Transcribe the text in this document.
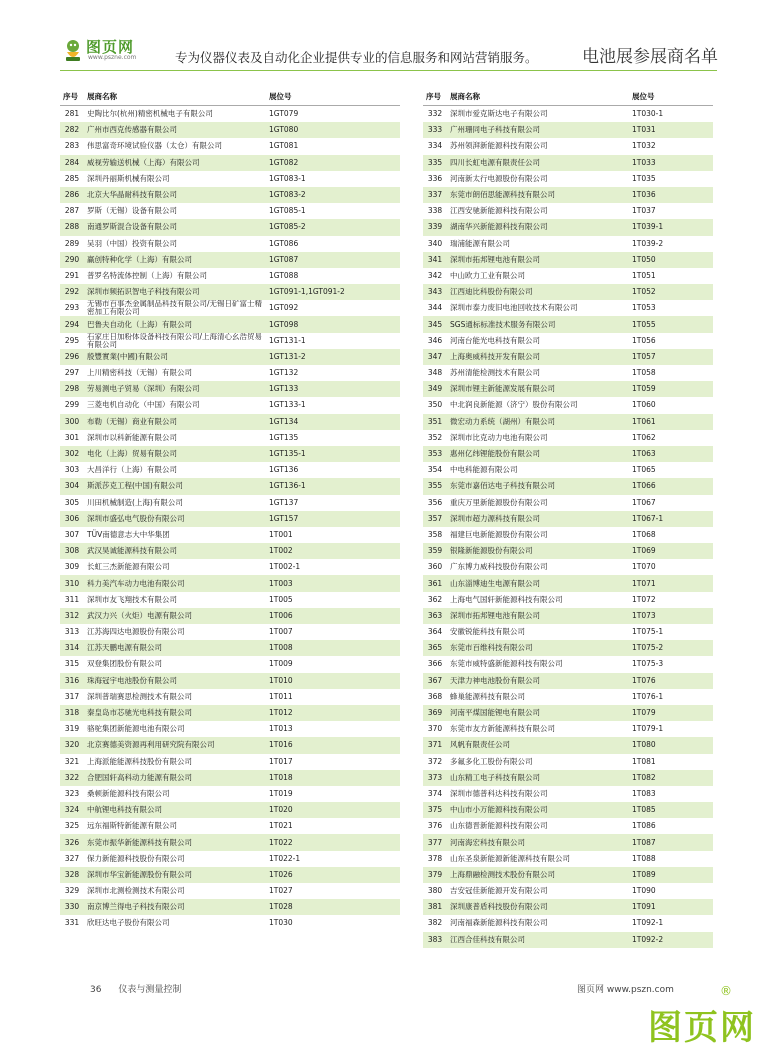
图页网
www.pszne.com	专为仪器仪表及自动化企业提供专业的信息服务和网站营销服务。	电池展参展商名单
序号	展商名称	展位号
281	史陶比尔(杭州)精密机械电子有限公司	1GT079
282	广州市西克传感器有限公司	1GT080
283	伟思富奇环境试验仪器（太仓）有限公司	1GT081
284	威视劳输送机械（上海）有限公司	1GT082
285	深圳丹丽斯机械有限公司	1GT083-1
286	北京大华晶耐科技有限公司	1GT083-2
287	罗斯（无锡）设备有限公司	1GT085-1
288	南通罗斯混合设备有限公司	1GT085-2
289	吴羽（中国）投资有限公司	1GT086
290	赢创特种化学（上海）有限公司	1GT087
291	普罗名特流体控制（上海）有限公司	1GT088
292	深圳市频拓识智电子科技有限公司	1GT091-1,1GT091-2
293	无锡市百事杰金属制品科技有限公司/无锡日矿富士精密加工有限公司	1GT092
294	巴鲁夫自动化（上海）有限公司	1GT098
295	石家庄日加粉体设备科技有限公司/上海清心幺浩贸易有限公司	1GT131-1
296	殷豐實業(中國)有限公司	1GT131-2
297	上川精密科技（无锡）有限公司	1GT132
298	劳易测电子贸易（深圳）有限公司	1GT133
299	三菱电机自动化（中国）有限公司	1GT133-1
300	布勒（无锡）商业有限公司	1GT134
301	深圳市以科新能源有限公司	1GT135
302	电化（上海）贸易有限公司	1GT135-1
303	大昌洋行（上海）有限公司	1GT136
304	斯派莎克工程(中国)有限公司	1GT136-1
305	川田机械制造(上海)有限公司	1GT137
306	深圳市盛弘电气股份有限公司	1GT157
307	TÜV南德意志大中华集团	1T001
308	武汉昊诚能源科技有限公司	1T002
309	长虹三杰新能源有限公司	1T002-1
310	科力美汽车动力电池有限公司	1T003
311	深圳市友飞翔技术有限公司	1T005
312	武汉力兴（火炬）电源有限公司	1T006
313	江苏海四达电源股份有限公司	1T007
314	江苏天鹏电源有限公司	1T008
315	双登集团股份有限公司	1T009
316	珠海冠宇电池股份有限公司	1T010
317	深圳普瑞赛思检测技术有限公司	1T011
318	秦皇岛市芯驰光电科技有限公司	1T012
319	骆驼集团新能源电池有限公司	1T013
320	北京赛德美资源再利用研究院有限公司	1T016
321	上海派能能源科技股份有限公司	1T017
322	合肥国轩高科动力能源有限公司	1T018
323	桑顿新能源科技有限公司	1T019
324	中航锂电科技有限公司	1T020
325	远东福斯特新能源有限公司	1T021
326	东莞市振华新能源科技有限公司	1T022
327	保力新能源科技股份有限公司	1T022-1
328	深圳市华宝新能源股份有限公司	1T026
329	深圳市北测检测技术有限公司	1T027
330	南京博兰得电子科技有限公司	1T028
331	欣旺达电子股份有限公司	1T030
序号	展商名称	展位号
332	深圳市爱克斯达电子有限公司	1T030-1
333	广州珊同电子科技有限公司	1T031
334	苏州领湃新能源科技有限公司	1T032
335	四川长虹电源有限责任公司	1T033
336	河南新太行电源股份有限公司	1T035
337	东莞市朗佰思能源科技有限公司	1T036
338	江西安驰新能源科技有限公司	1T037
339	湖南华兴新能源科技有限公司	1T039-1
340	瑞浦能源有限公司	1T039-2
341	深圳市拓邦锂电池有限公司	1T050
342	中山欧力工业有限公司	1T051
343	江西迪比科股份有限公司	1T052
344	深圳市泰力废旧电池回收技术有限公司	1T053
345	SGS通标标准技术服务有限公司	1T055
346	河南台能光电科技有限公司	1T056
347	上海奥威科技开发有限公司	1T057
348	苏州清能检测技术有限公司	1T058
349	深圳市锂主新能源发展有限公司	1T059
350	中北润良新能源（济宁）股份有限公司	1T060
351	微宏动力系统（湖州）有限公司	1T061
352	深圳市比克动力电池有限公司	1T062
353	惠州亿纬锂能股份有限公司	1T063
354	中电科能源有限公司	1T065
355	东莞市嘉佰达电子科技有限公司	1T066
356	重庆万里新能源股份有限公司	1T067
357	深圳市超力源科技有限公司	1T067-1
358	福建巨电新能源股份有限公司	1T068
359	银隆新能源股份有限公司	1T069
360	广东博力威科技股份有限公司	1T070
361	山东淄博迪生电源有限公司	1T071
362	上海电气国轩新能源科技有限公司	1T072
363	深圳市拓邦锂电池有限公司	1T073
364	安徽锐能科技有限公司	1T075-1
365	东莞市百维科技有限公司	1T075-2
366	东莞市威特盛新能源科技有限公司	1T075-3
367	天津力神电池股份有限公司	1T076
368	蜂巢能源科技有限公司	1T076-1
369	河南平煤国能锂电有限公司	1T079
370	东莞市友方新能源科技有限公司	1T079-1
371	风帆有限责任公司	1T080
372	多氟多化工股份有限公司	1T081
373	山东精工电子科技有限公司	1T082
374	深圳市德普科达科技有限公司	1T083
375	中山市小万能源科技有限公司	1T085
376	山东德晋新能源科技有限公司	1T086
377	河南海宏科技有限公司	1T087
378	山东圣泉新能源新能源科技有限公司	1T088
379	上海鼎融检测技术股份有限公司	1T089
380	吉安冠佳新能源开发有限公司	1T090
381	深圳康普盾科技股份有限公司	1T091
382	河南福森新能源科技有限公司	1T092-1
383	江西合佳科技有限公司	1T092-2
36 仪表与测量控制	图页网 www.pszn.com
图页网
®
